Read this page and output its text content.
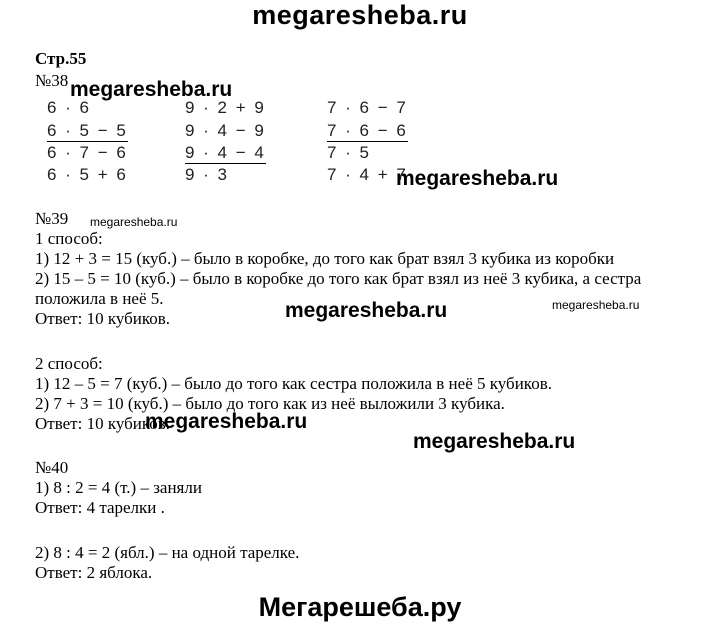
megaresheba.ru
megaresheba.ru
megaresheba.ru
megaresheba.ru
megaresheba.ru	megaresheba.ru
megaresheba.ru
megaresheba.ru
Мегарешеба.ру
Стр.55
№38
6 · 6
6 · 5 − 5
6 · 7 − 6
6 · 5 + 6
9 · 2 + 9
9 · 4 − 9
9 · 4 − 4
9 · 3
7 · 6 − 7
7 · 6 − 6
7 · 5
7 · 4 + 7
№39
1 способ:
1) 12 + 3 = 15 (куб.) – было в коробке, до того как брат взял 3 кубика из коробки
2) 15 – 5 = 10 (куб.) – было в коробке до того как брат взял из неё 3 кубика, а сестра
положила в неё 5.
Ответ: 10 кубиков.
2 способ:
1) 12 – 5 = 7 (куб.) – было до того как сестра положила в неё 5 кубиков.
2) 7 + 3 = 10 (куб.) – было до того как из неё выложили 3 кубика.
Ответ: 10 кубиков.
№40
1) 8 : 2 = 4 (т.) – заняли
Ответ: 4 тарелки .
2) 8 : 4 = 2 (ябл.) – на одной тарелке.
Ответ: 2 яблока.
